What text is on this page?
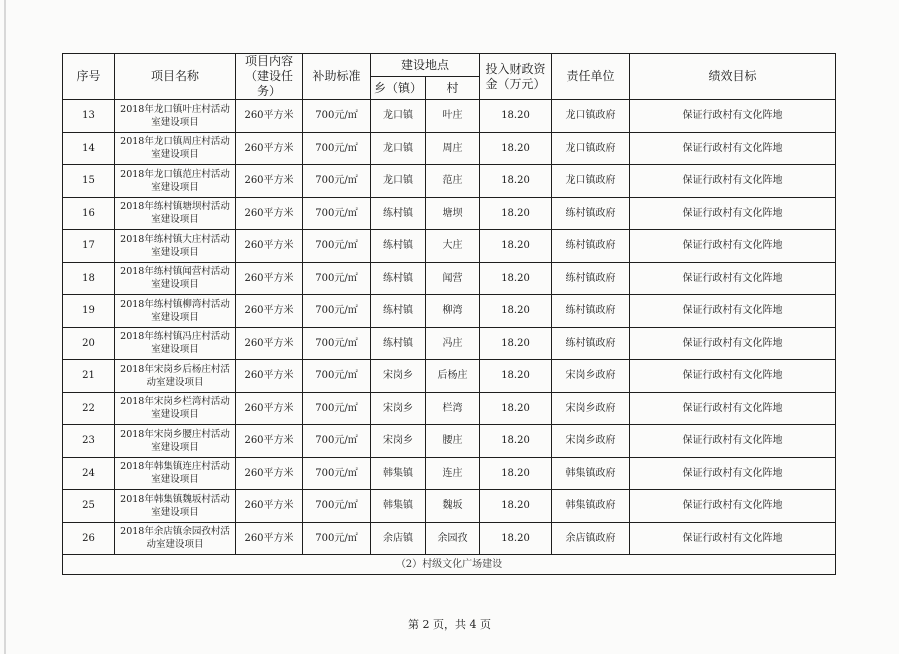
序号	项目名称	项目内容（建设任务）	补助标准	建设地点		投入财政资金（万元）	责任单位	绩效目标
				乡（镇）	村			
13	2018年龙口镇叶庄村活动室建设项目	260平方米	700元/㎡	龙口镇	叶庄	18.20	龙口镇政府	保证行政村有文化阵地
14	2018年龙口镇周庄村活动室建设项目	260平方米	700元/㎡	龙口镇	周庄	18.20	龙口镇政府	保证行政村有文化阵地
15	2018年龙口镇范庄村活动室建设项目	260平方米	700元/㎡	龙口镇	范庄	18.20	龙口镇政府	保证行政村有文化阵地
16	2018年练村镇塘坝村活动室建设项目	260平方米	700元/㎡	练村镇	塘坝	18.20	练村镇政府	保证行政村有文化阵地
17	2018年练村镇大庄村活动室建设项目	260平方米	700元/㎡	练村镇	大庄	18.20	练村镇政府	保证行政村有文化阵地
18	2018年练村镇闻营村活动室建设项目	260平方米	700元/㎡	练村镇	闻营	18.20	练村镇政府	保证行政村有文化阵地
19	2018年练村镇柳湾村活动室建设项目	260平方米	700元/㎡	练村镇	柳湾	18.20	练村镇政府	保证行政村有文化阵地
20	2018年练村镇冯庄村活动室建设项目	260平方米	700元/㎡	练村镇	冯庄	18.20	练村镇政府	保证行政村有文化阵地
21	2018年宋岗乡后杨庄村活动室建设项目	260平方米	700元/㎡	宋岗乡	后杨庄	18.20	宋岗乡政府	保证行政村有文化阵地
22	2018年宋岗乡栏湾村活动室建设项目	260平方米	700元/㎡	宋岗乡	栏湾	18.20	宋岗乡政府	保证行政村有文化阵地
23	2018年宋岗乡腰庄村活动室建设项目	260平方米	700元/㎡	宋岗乡	腰庄	18.20	宋岗乡政府	保证行政村有文化阵地
24	2018年韩集镇连庄村活动室建设项目	260平方米	700元/㎡	韩集镇	连庄	18.20	韩集镇政府	保证行政村有文化阵地
25	2018年韩集镇魏坂村活动室建设项目	260平方米	700元/㎡	韩集镇	魏坂	18.20	韩集镇政府	保证行政村有文化阵地
26	2018年余店镇余园孜村活动室建设项目	260平方米	700元/㎡	余店镇	余园孜	18.20	余店镇政府	保证行政村有文化阵地
（2）村级文化广场建设								
第 2 页，共 4 页
